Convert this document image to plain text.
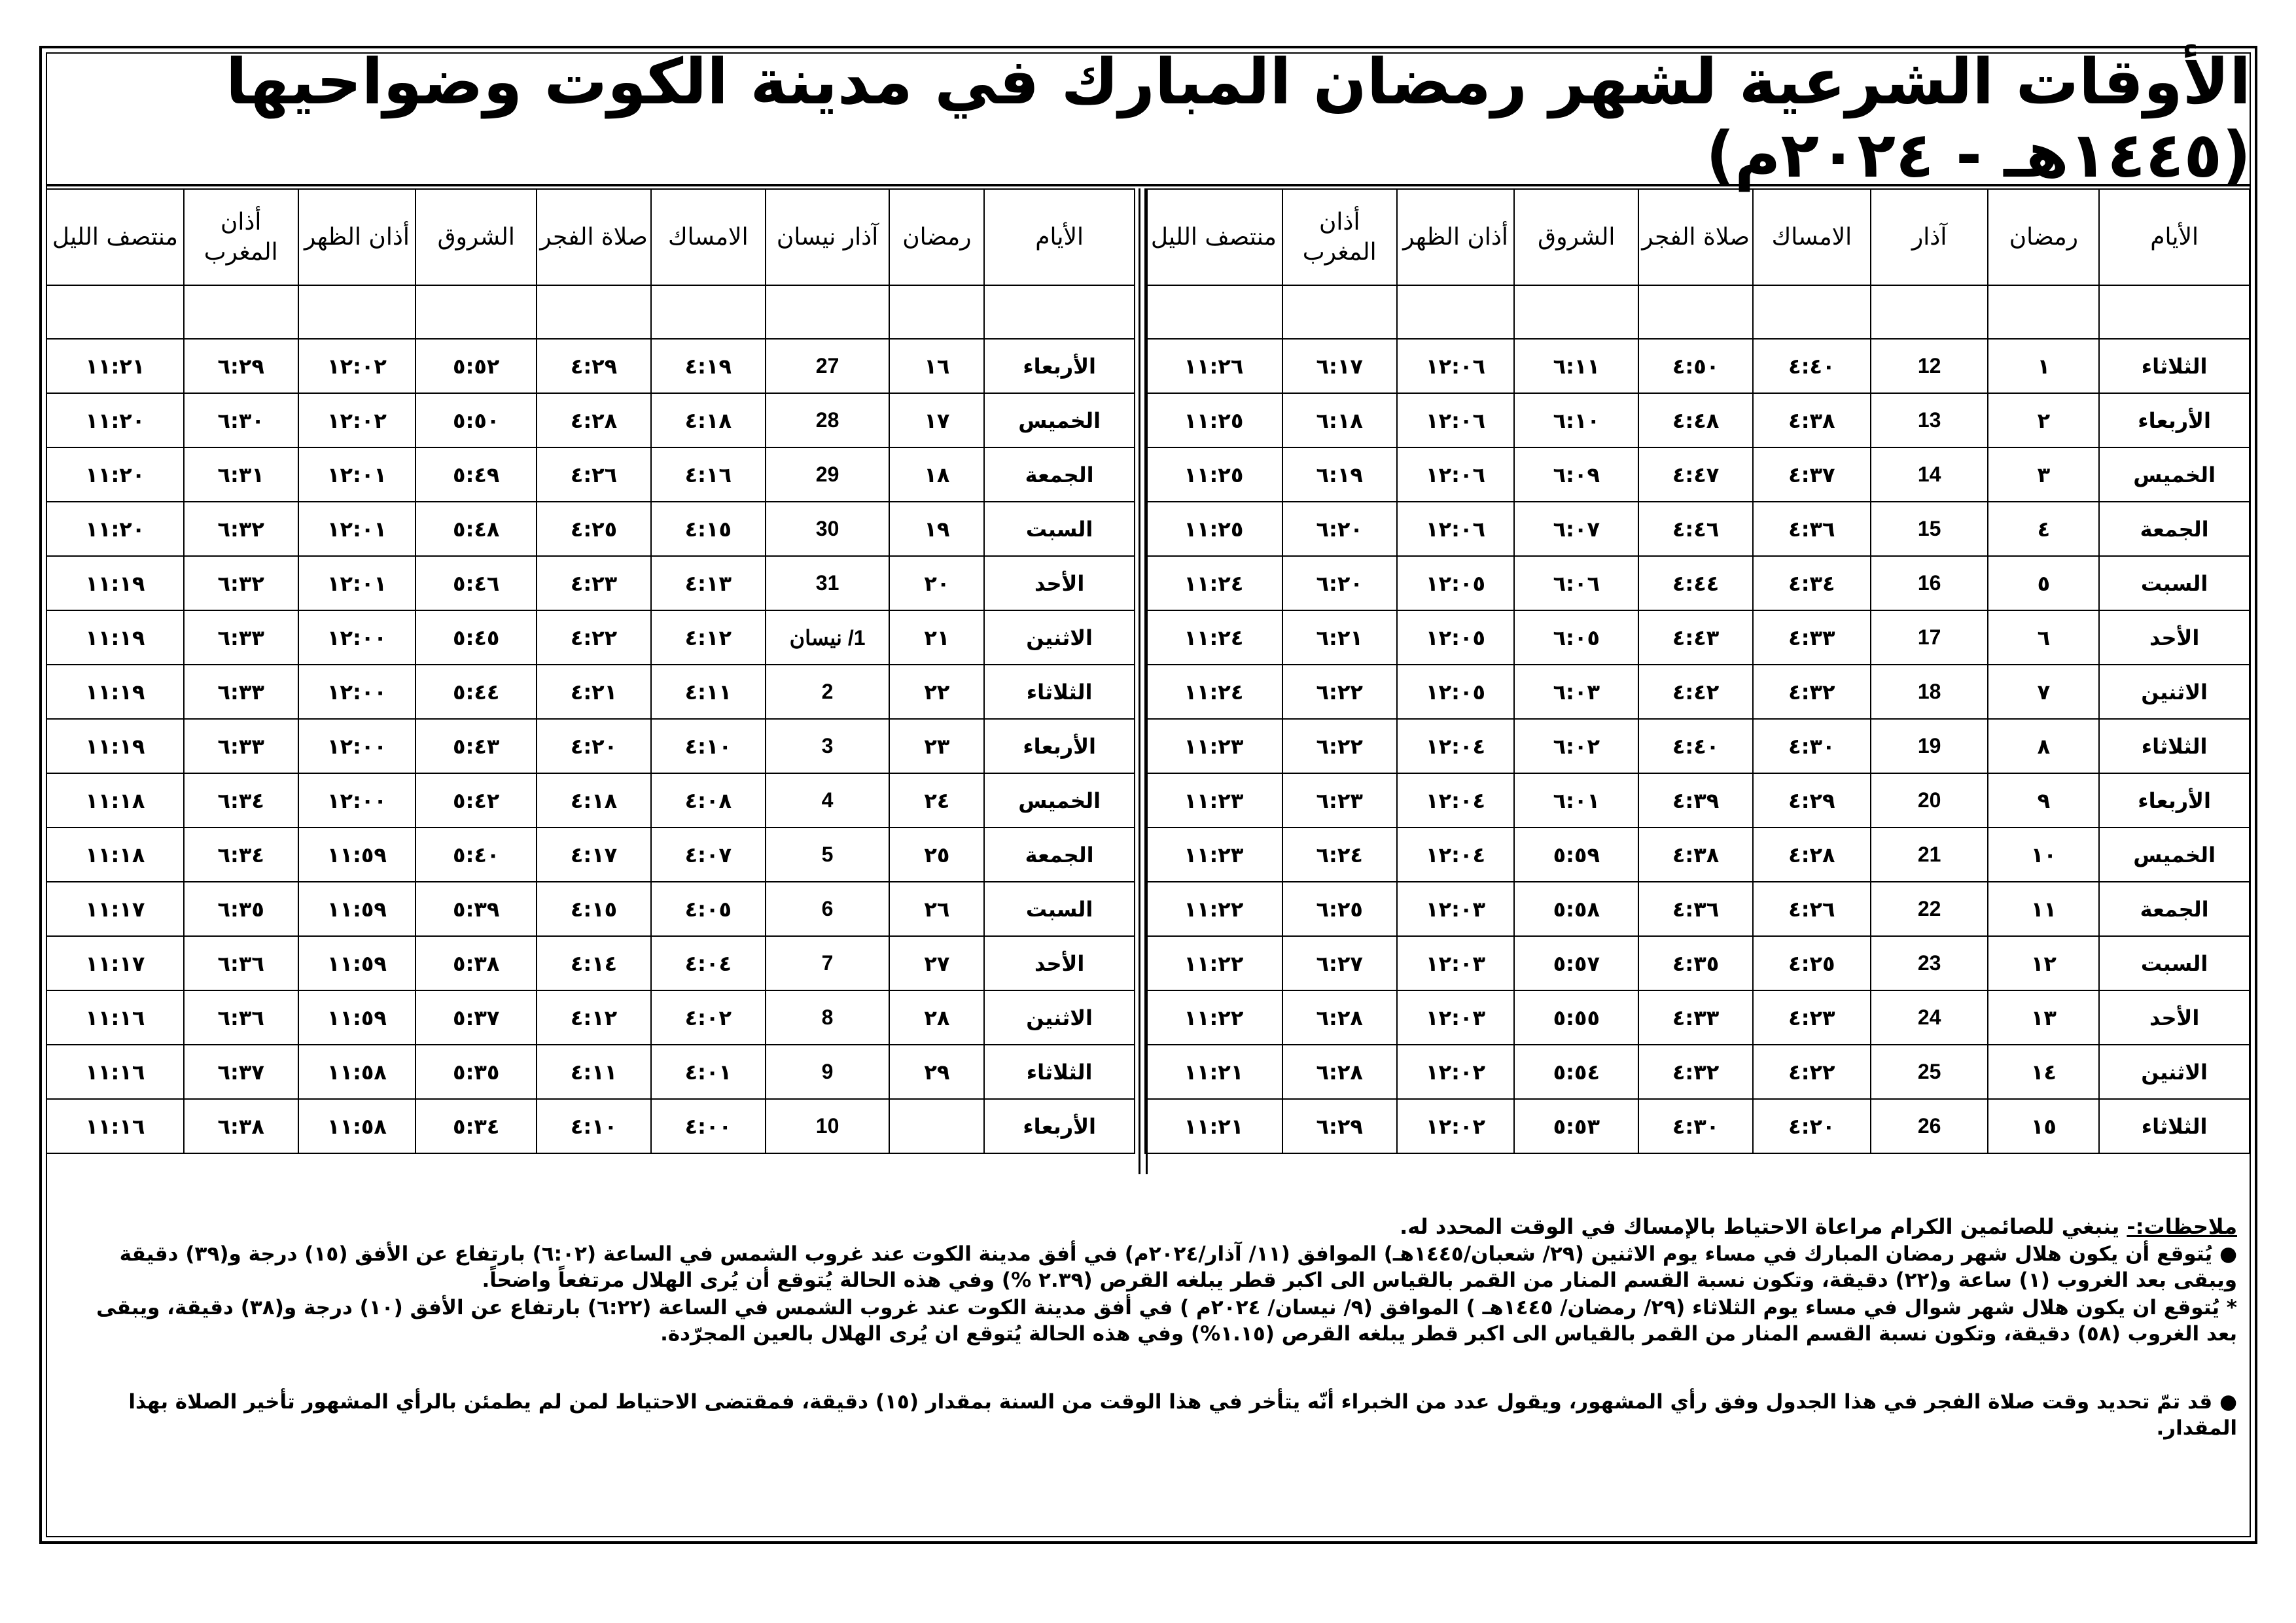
الأوقات الشرعية لشهر رمضان المبارك في مدينة الكوت وضواحيها (١٤٤٥هـ - ٢٠٢٤م)
الأيام	رمضان	آذار	الامساك	صلاة الفجر	الشروق	أذان الظهر	أذان المغرب	منتصف الليل

الثلاثاء	١	12	٤:٤٠	٤:٥٠	٦:١١	١٢:٠٦	٦:١٧	١١:٢٦
الأربعاء	٢	13	٤:٣٨	٤:٤٨	٦:١٠	١٢:٠٦	٦:١٨	١١:٢٥
الخميس	٣	14	٤:٣٧	٤:٤٧	٦:٠٩	١٢:٠٦	٦:١٩	١١:٢٥
الجمعة	٤	15	٤:٣٦	٤:٤٦	٦:٠٧	١٢:٠٦	٦:٢٠	١١:٢٥
السبت	٥	16	٤:٣٤	٤:٤٤	٦:٠٦	١٢:٠٥	٦:٢٠	١١:٢٤
الأحد	٦	17	٤:٣٣	٤:٤٣	٦:٠٥	١٢:٠٥	٦:٢١	١١:٢٤
الاثنين	٧	18	٤:٣٢	٤:٤٢	٦:٠٣	١٢:٠٥	٦:٢٢	١١:٢٤
الثلاثاء	٨	19	٤:٣٠	٤:٤٠	٦:٠٢	١٢:٠٤	٦:٢٢	١١:٢٣
الأربعاء	٩	20	٤:٢٩	٤:٣٩	٦:٠١	١٢:٠٤	٦:٢٣	١١:٢٣
الخميس	١٠	21	٤:٢٨	٤:٣٨	٥:٥٩	١٢:٠٤	٦:٢٤	١١:٢٣
الجمعة	١١	22	٤:٢٦	٤:٣٦	٥:٥٨	١٢:٠٣	٦:٢٥	١١:٢٢
السبت	١٢	23	٤:٢٥	٤:٣٥	٥:٥٧	١٢:٠٣	٦:٢٧	١١:٢٢
الأحد	١٣	24	٤:٢٣	٤:٣٣	٥:٥٥	١٢:٠٣	٦:٢٨	١١:٢٢
الاثنين	١٤	25	٤:٢٢	٤:٣٢	٥:٥٤	١٢:٠٢	٦:٢٨	١١:٢١
الثلاثاء	١٥	26	٤:٢٠	٤:٣٠	٥:٥٣	١٢:٠٢	٦:٢٩	١١:٢١
الأيام	رمضان	آذار نيسان	الامساك	صلاة الفجر	الشروق	أذان الظهر	أذان المغرب	منتصف الليل

الأربعاء	١٦	27	٤:١٩	٤:٢٩	٥:٥٢	١٢:٠٢	٦:٢٩	١١:٢١
الخميس	١٧	28	٤:١٨	٤:٢٨	٥:٥٠	١٢:٠٢	٦:٣٠	١١:٢٠
الجمعة	١٨	29	٤:١٦	٤:٢٦	٥:٤٩	١٢:٠١	٦:٣١	١١:٢٠
السبت	١٩	30	٤:١٥	٤:٢٥	٥:٤٨	١٢:٠١	٦:٣٢	١١:٢٠
الأحد	٢٠	31	٤:١٣	٤:٢٣	٥:٤٦	١٢:٠١	٦:٣٢	١١:١٩
الاثنين	٢١	1/ نيسان	٤:١٢	٤:٢٢	٥:٤٥	١٢:٠٠	٦:٣٣	١١:١٩
الثلاثاء	٢٢	2	٤:١١	٤:٢١	٥:٤٤	١٢:٠٠	٦:٣٣	١١:١٩
الأربعاء	٢٣	3	٤:١٠	٤:٢٠	٥:٤٣	١٢:٠٠	٦:٣٣	١١:١٩
الخميس	٢٤	4	٤:٠٨	٤:١٨	٥:٤٢	١٢:٠٠	٦:٣٤	١١:١٨
الجمعة	٢٥	5	٤:٠٧	٤:١٧	٥:٤٠	١١:٥٩	٦:٣٤	١١:١٨
السبت	٢٦	6	٤:٠٥	٤:١٥	٥:٣٩	١١:٥٩	٦:٣٥	١١:١٧
الأحد	٢٧	7	٤:٠٤	٤:١٤	٥:٣٨	١١:٥٩	٦:٣٦	١١:١٧
الاثنين	٢٨	8	٤:٠٢	٤:١٢	٥:٣٧	١١:٥٩	٦:٣٦	١١:١٦
الثلاثاء	٢٩	9	٤:٠١	٤:١١	٥:٣٥	١١:٥٨	٦:٣٧	١١:١٦
الأربعاء		10	٤:٠٠	٤:١٠	٥:٣٤	١١:٥٨	٦:٣٨	١١:١٦

ملاحظات:- ينبغي للصائمين الكرام مراعاة الاحتياط بالإمساك في الوقت المحدد له.

● يُتوقع أن يكون هلال شهر رمضان المبارك في مساء يوم الاثنين (٢٩/ شعبان/١٤٤٥هـ) الموافق (١١/ آذار/٢٠٢٤م) في أفق مدينة الكوت عند غروب الشمس في الساعة (٦:٠٢) بارتفاع عن الأفق (١٥) درجة و(٣٩) دقيقة ويبقى بعد الغروب (١) ساعة و(٢٢) دقيقة، وتكون نسبة القسم المنار من القمر بالقياس الى اكبر قطر يبلغه القرص (٢.٣٩ %) وفي هذه الحالة يُتوقع أن يُرى الهلال مرتفعاً واضحاً.

* يُتوقع ان يكون هلال شهر شوال في مساء يوم الثلاثاء (٢٩/ رمضان/ ١٤٤٥هـ ) الموافق (٩/ نيسان/ ٢٠٢٤م ) في أفق مدينة الكوت عند غروب الشمس في الساعة (٦:٢٢) بارتفاع عن الأفق (١٠) درجة و(٣٨) دقيقة، ويبقى بعد الغروب (٥٨) دقيقة، وتكون نسبة القسم المنار من القمر بالقياس الى اكبر قطر يبلغه القرص (١.١٥%) وفي هذه الحالة يُتوقع ان يُرى الهلال بالعين المجرّدة.

● قد تمّ تحديد وقت صلاة الفجر في هذا الجدول وفق رأي المشهور، ويقول عدد من الخبراء أنّه يتأخر في هذا الوقت من السنة بمقدار (١٥) دقيقة، فمقتضى الاحتياط لمن لم يطمئن بالرأي المشهور تأخير الصلاة بهذا المقدار.
